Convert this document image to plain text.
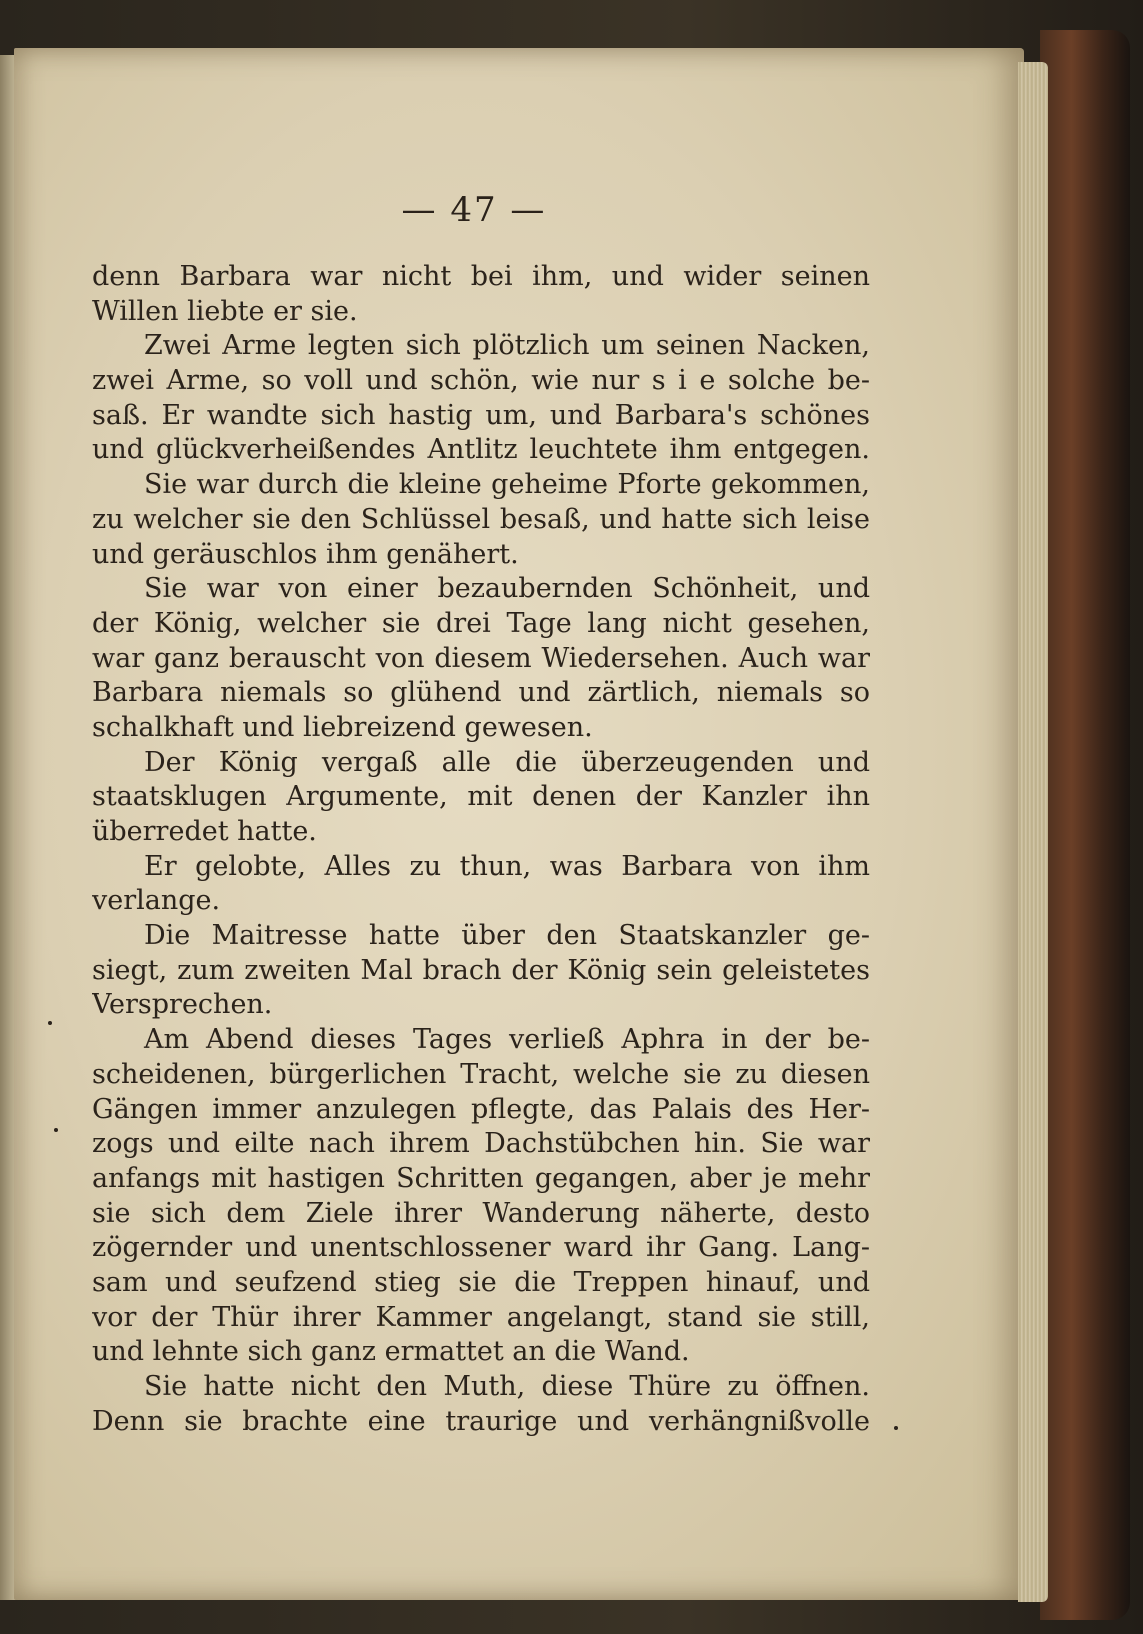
— 47 —
denn Barbara war nicht bei ihm, und wider seinen
Willen liebte er sie.
Zwei Arme legten sich plötzlich um seinen Nacken,
zwei Arme, so voll und schön, wie nur s i e solche be-
saß. Er wandte sich hastig um, und Barbara's schönes
und glückverheißendes Antlitz leuchtete ihm entgegen.
Sie war durch die kleine geheime Pforte gekommen,
zu welcher sie den Schlüssel besaß, und hatte sich leise
und geräuschlos ihm genähert.
Sie war von einer bezaubernden Schönheit, und
der König, welcher sie drei Tage lang nicht gesehen,
war ganz berauscht von diesem Wiedersehen. Auch war
Barbara niemals so glühend und zärtlich, niemals so
schalkhaft und liebreizend gewesen.
Der König vergaß alle die überzeugenden und
staatsklugen Argumente, mit denen der Kanzler ihn
überredet hatte.
Er gelobte, Alles zu thun, was Barbara von ihm
verlange.
Die Maitresse hatte über den Staatskanzler ge-
siegt, zum zweiten Mal brach der König sein geleistetes
Versprechen.
Am Abend dieses Tages verließ Aphra in der be-
scheidenen, bürgerlichen Tracht, welche sie zu diesen
Gängen immer anzulegen pflegte, das Palais des Her-
zogs und eilte nach ihrem Dachstübchen hin. Sie war
anfangs mit hastigen Schritten gegangen, aber je mehr
sie sich dem Ziele ihrer Wanderung näherte, desto
zögernder und unentschlossener ward ihr Gang. Lang-
sam und seufzend stieg sie die Treppen hinauf, und
vor der Thür ihrer Kammer angelangt, stand sie still,
und lehnte sich ganz ermattet an die Wand.
Sie hatte nicht den Muth, diese Thüre zu öffnen.
Denn sie brachte eine traurige und verhängnißvolle
